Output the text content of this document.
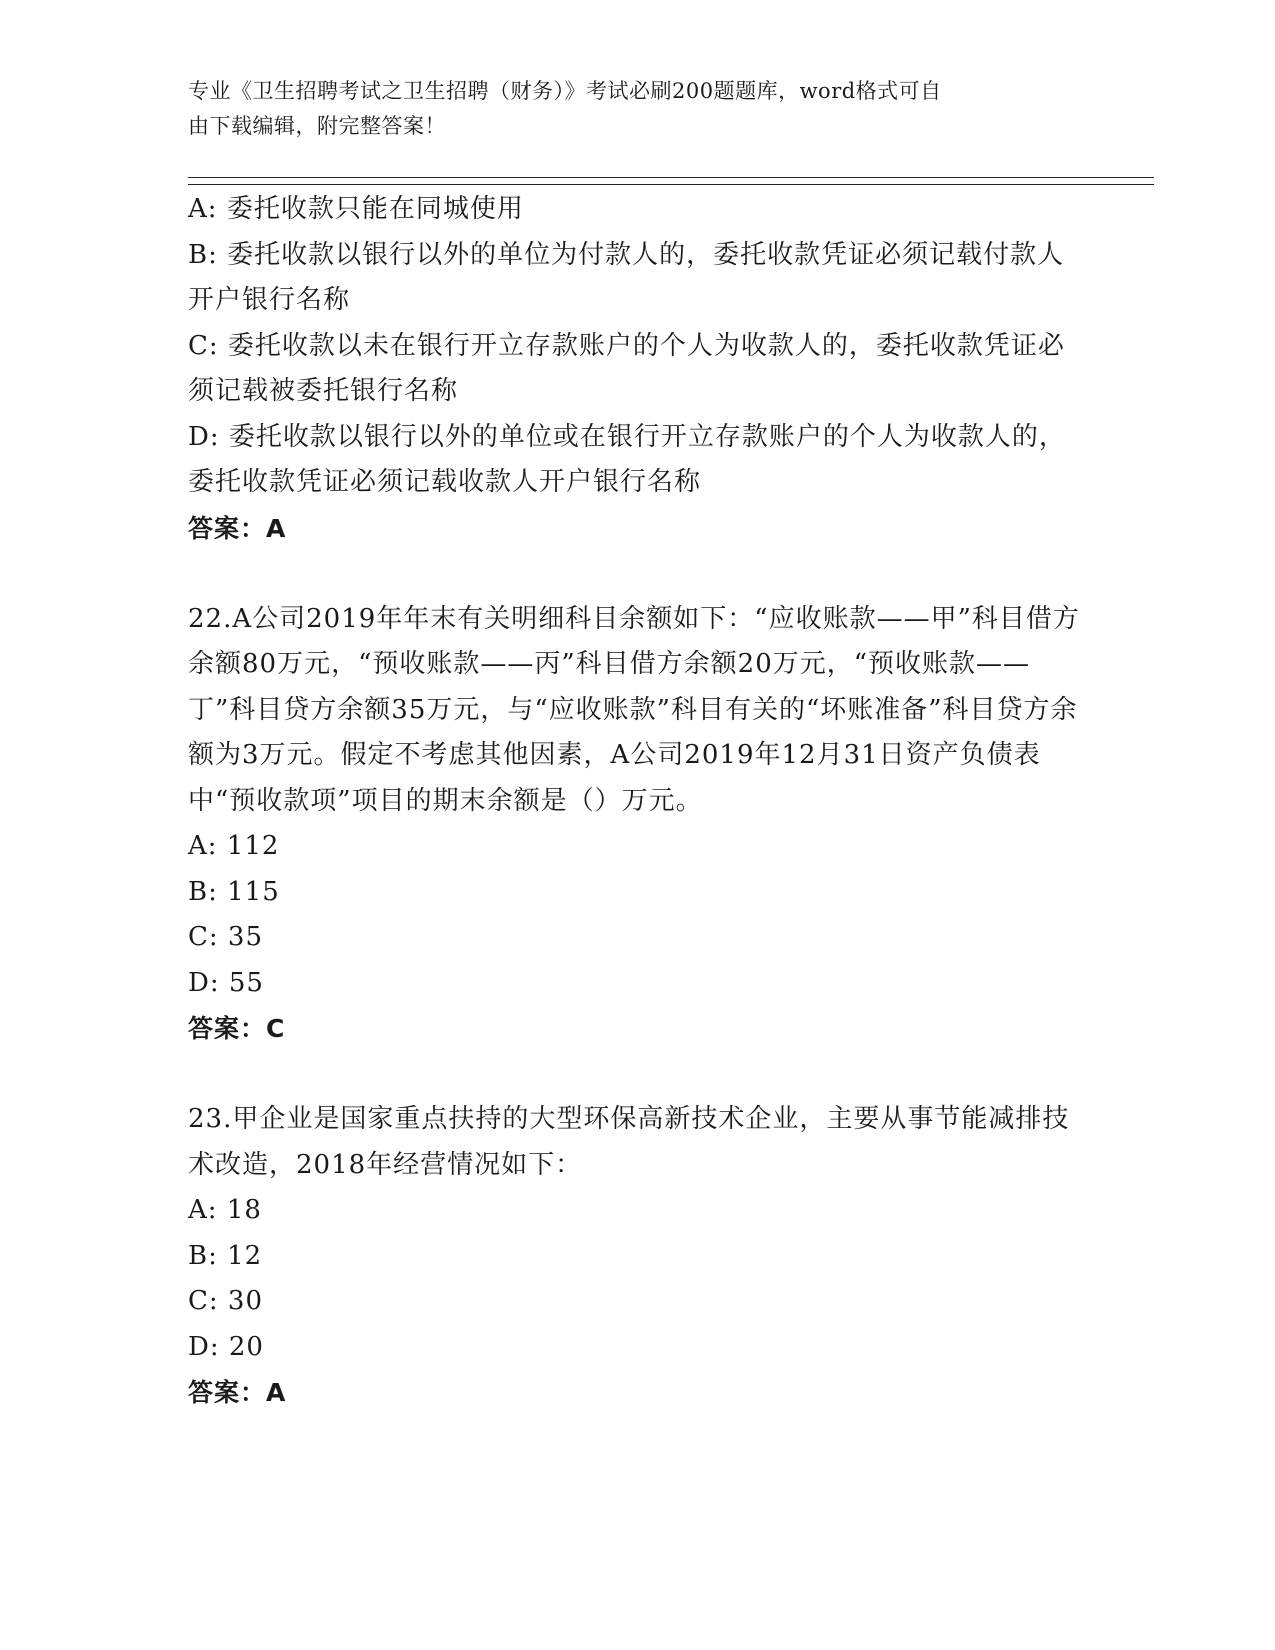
专业《卫生招聘考试之卫生招聘（财务）》考试必刷200题题库，word格式可自
由下载编辑，附完整答案！
A: 委托收款只能在同城使用
B: 委托收款以银行以外的单位为付款人的，委托收款凭证必须记载付款人开户银行名称
C: 委托收款以未在银行开立存款账户的个人为收款人的，委托收款凭证必须记载被委托银行名称
D: 委托收款以银行以外的单位或在银行开立存款账户的个人为收款人的，委托收款凭证必须记载收款人开户银行名称
答案：A
22.A公司2019年年末有关明细科目余额如下：“应收账款——甲”科目借方余额80万元，“预收账款——丙”科目借方余额20万元，“预收账款——丁”科目贷方余额35万元，与“应收账款”科目有关的“坏账准备”科目贷方余额为3万元。假定不考虑其他因素，A公司2019年12月31日资产负债表中“预收款项”项目的期末余额是（）万元。
A: 112
B: 115
C: 35
D: 55
答案：C
23.甲企业是国家重点扶持的大型环保高新技术企业，主要从事节能减排技术改造，2018年经营情况如下：
A: 18
B: 12
C: 30
D: 20
答案：A
